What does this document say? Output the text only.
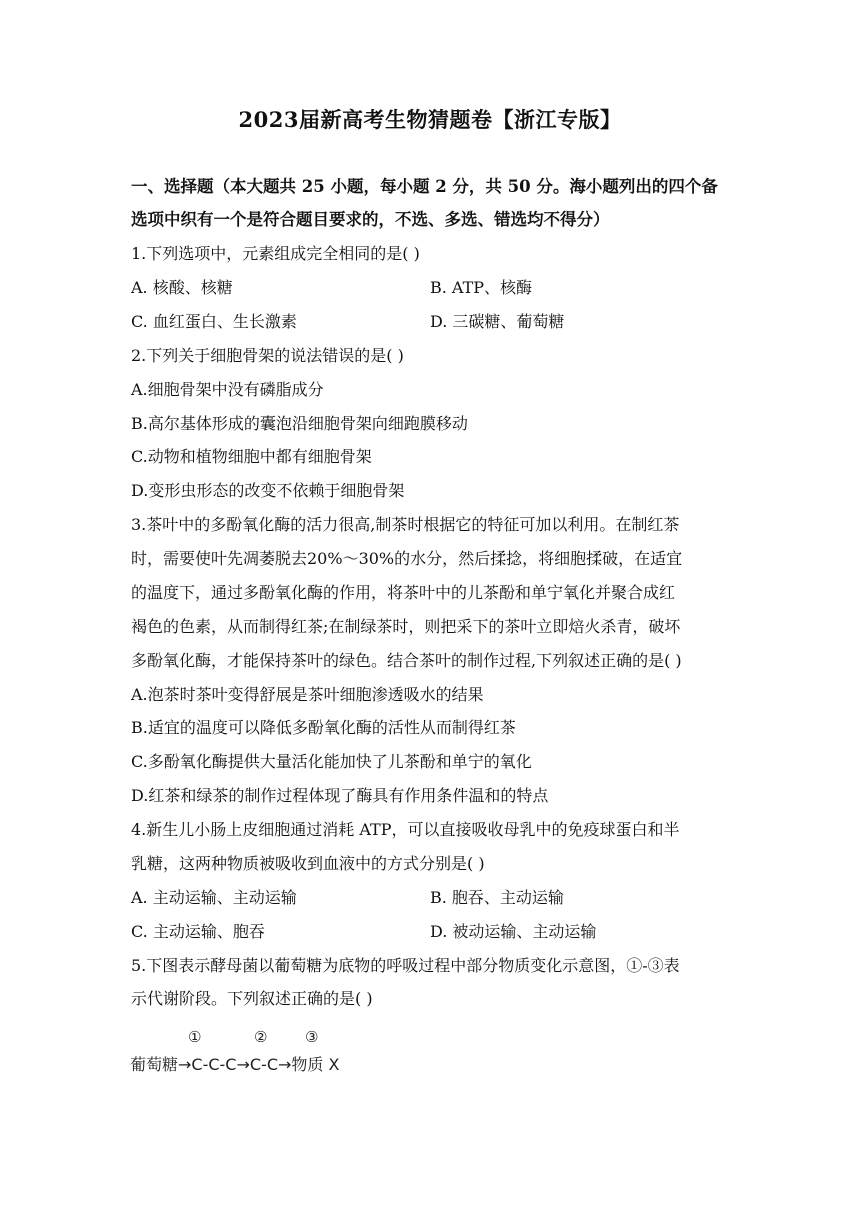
2023届新高考生物猜题卷【浙江专版】
一、选择题（本大题共 25 小题，每小题 2 分，共 50 分。海小题列出的四个备
选项中织有一个是符合题目要求的，不选、多选、错选均不得分）
1.下列选项中，元素组成完全相同的是( )
A. 核酸、核糖	B. ATP、核酶
C. 血红蛋白、生长激素	D. 三碳糖、葡萄糖
2.下列关于细胞骨架的说法错误的是( )
A.细胞骨架中没有磷脂成分
B.高尔基体形成的囊泡沿细胞骨架向细跑膜移动
C.动物和植物细胞中都有细胞骨架
D.变形虫形态的改变不依赖于细胞骨架
3.茶叶中的多酚氧化酶的活力很高,制茶时根据它的特征可加以利用。在制红茶
时，需要使叶先凋萎脱去20%～30%的水分，然后揉捻，将细胞揉破，在适宜
的温度下，通过多酚氧化酶的作用，将茶叶中的儿茶酚和单宁氧化并聚合成红
褐色的色素，从而制得红茶;在制绿茶时，则把采下的茶叶立即焙火杀青，破坏
多酚氧化酶，才能保持茶叶的绿色。结合茶叶的制作过程,下列叙述正确的是( )
A.泡茶时茶叶变得舒展是茶叶细胞渗透吸水的结果
B.适宜的温度可以降低多酚氧化酶的活性从而制得红茶
C.多酚氧化酶提供大量活化能加快了儿茶酚和单宁的氧化
D.红茶和绿茶的制作过程体现了酶具有作用条件温和的特点
4.新生儿小肠上皮细胞通过消耗 ATP，可以直接吸收母乳中的免疫球蛋白和半
乳糖，这两种物质被吸收到血液中的方式分别是( )
A. 主动运输、主动运输	B. 胞吞、主动运输
C. 主动运输、胞吞	D. 被动运输、主动运输
5.下图表示酵母菌以葡萄糖为底物的呼吸过程中部分物质变化示意图，①-③表
示代谢阶段。下列叙述正确的是( )
①	②	③
葡萄糖→C-C-C→C-C→物质 X
